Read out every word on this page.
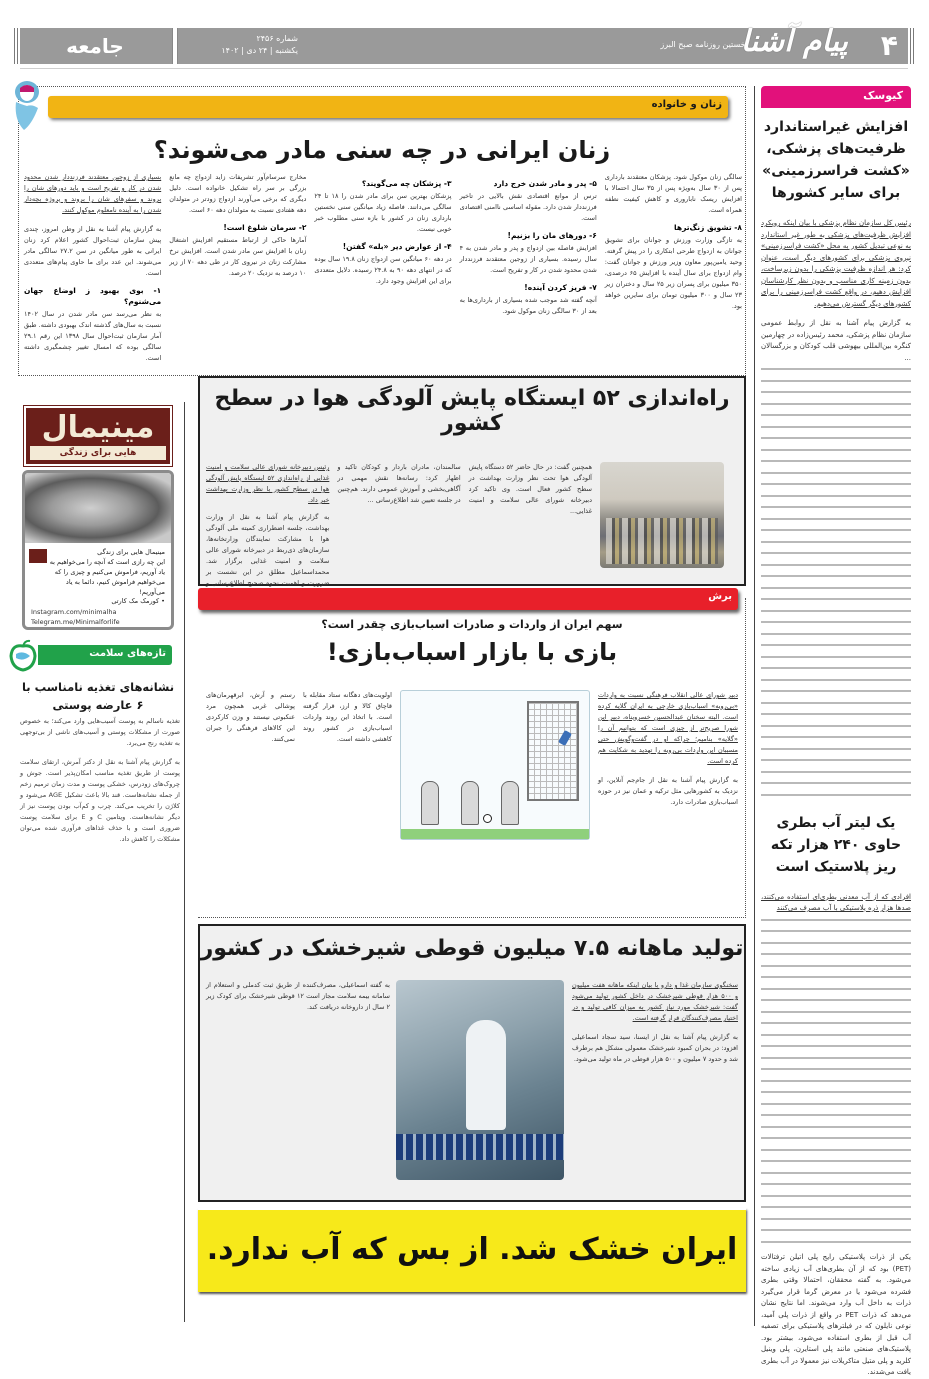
جامعه	شماره ۲۴۵۶
یکشنبه | ۲۴ دی | ۱۴۰۲
نخستین روزنامه صبح البرز
پیام آشنا ۴
کیوسک
افزایش غیراستاندارد ظرفیت‌های پزشکی، «کشت فراسرزمینی» برای سایر کشورها
رئیس کل سازمان نظام پزشکی با بیان اینکه رویکرد افزایش ظرفیت‌های پزشکی به طور غیر استاندارد به نوعی تبدیل کشور به محل «کشت فراسرزمینی» نیروی پزشکی برای کشورهای دیگر است، عنوان کرد: هر اندازه ظرفیت پزشکی را بدون زیرساخت، بدون زمینه کاری مناسب و بدون نظر کارشناسان افزایش دهیم، در واقع کشت فراسرزمینی را برای کشورهای دیگر گسترش می‌دهیم.
به گزارش پیام آشنا به نقل از روابط عمومی سازمان نظام پزشکی، محمد رئیس‌زاده در چهارمین کنگره بین‌المللی بیهوشی قلب کودکان و بزرگسالان ...
یک لیتر آب بطری حاوی ۲۴۰ هزار تکه ریز پلاستیک است
افرادی که از آب معدنی بطری‌ای استفاده می‌کنند، صدها هزار ذره پلاستیکی با آب مصرف می‌کنند
یکی از ذرات پلاستیکی رایج پلی اتیلن ترفتالات (PET) بود که از آن بطری‌های آب زیادی ساخته می‌شود. به گفته محققان، احتمالا وقتی بطری فشرده می‌شود یا در معرض گرما قرار می‌گیرد ذرات به داخل آب وارد می‌شوند. اما نتایج نشان می‌دهد که ذرات PET در واقع از ذرات پلی آمید، نوعی نایلون که در فیلترهای پلاستیکی برای تصفیه آب قبل از بطری استفاده می‌شود، بیشتر بود. پلاستیک‌های صنعتی مانند پلی استایرن، پلی وینیل کلرید و پلی متیل متاکریلات نیز معمولا در آب بطری یافت می‌شدند.
زنان و خانواده
زنان ایرانی در چه سنی مادر می‌شوند؟
سالگی زنان موکول شود. پزشکان معتقدند بارداری پس از ۳۰ سال به‌ویژه پس از ۳۵ سال احتمالا با افزایش ریسک ناباروری و کاهش کیفیت نطفه همراه است.
۸- تشویق زنگ‌ترها
به تازگی وزارت ورزش و جوانان برای تشویق جوانان به ازدواج طرحی ابتکاری را در پیش گرفته. وحید یامین‌پور معاون وزیر ورزش و جوانان گفت: وام ازدواج برای سال آینده با افزایش ۶۵ درصدی، ۳۵۰ میلیون برای پسران زیر ۲۵ سال و دختران زیر ۲۳ سال و ۳۰۰ میلیون تومان برای سایرین خواهد بود.
۵- پدر و مادر شدن خرج دارد
ترس از موانع اقتصادی نقش بالایی در تاخیر فرزنددار شدن دارد. مقوله اساسی ناامنی اقتصادی است.
۶- دورهای مان را بزنیم!
افزایش فاصله بین ازدواج و پدر و مادر شدن به ۴ سال رسیده. بسیاری از زوجین معتقدند فرزنددار شدن محدود شدن در کار و تفریح است.
۷- فریز کردن آینده!
آنچه گفته شد موجب شده بسیاری از بارداری‌ها به بعد از ۳۰ سالگی زنان موکول شود.
۳- پزشکان چه می‌گویند؟
پزشکان بهترین سن برای مادر شدن را ۱۸ تا ۲۴ سالگی می‌دانند. فاصله زیاد میانگین سنی نخستین بارداری زنان در کشور با بازه سنی مطلوب خبر خوبی نیست.
۴- از عوارض دیر «بله» گفتن!
در دهه ۶۰ میانگین سن ازدواج زنان ۱۹.۸ سال بوده که در انتهای دهه ۹۰ به ۲۴.۸ رسیده. دلایل متعددی برای این افزایش وجود دارد.
مخارج سرسام‌آور تشریفات زاید ازدواج چه مانع بزرگی بر سر راه تشکیل خانواده است. دلیل دیگری که برخی می‌آورند ازدواج زودتر در متولدان دهه هفتادی نسبت به متولدان دهه ۶۰ است.
۲- سرمان شلوغ است!
آمارها حاکی از ارتباط مستقیم افزایش اشتغال زنان با افزایش سن مادر شدن است. افزایش نرخ مشارکت زنان در نیروی کار در طی دهه ۷۰ از زیر ۱۰ درصد به نزدیک ۲۰ درصد.
بسیاری از زوجین معتقدند فرزنددار شدن محدود شدن در کار و تفریح است و باید دورهای شان را بروند و سفرهای شان را بروند و پروژه بچه‌دار شدن را به آینده نامعلوم موکول کنند.
به گزارش پیام آشنا به نقل از وطن امروز، چندی پیش سازمان ثبت‌احوال کشور اعلام کرد زنان ایرانی به طور میانگین در سن ۲۷.۲ سالگی مادر می‌شوند. این عدد برای ما حاوی پیام‌های متعددی است.
۱- بوی بهبود ز اوضاع جهان می‌شنوم؟
به نظر می‌رسد سن مادر شدن در سال ۱۴۰۲ نسبت به سال‌های گذشته اندک بهبودی داشته. طبق آمار سازمان ثبت‌احوال سال ۱۳۹۸ این رقم ۲۹.۱ سالگی بوده که امسال تغییر چشمگیری داشته است.
راه‌اندازی ۵۲ ایستگاه پایش آلودگی هوا در سطح کشور
همچنین گفت: در حال حاضر ۵۲ دستگاه پایش آلودگی هوا تحت نظر وزارت بهداشت در سطح کشور فعال است. وی تاکید کرد دبیرخانه شورای عالی سلامت و امنیت غذایی...
سالمندان، مادران باردار و کودکان تاکید و اظهار کرد: رسانه‌ها نقش مهمی در آگاهی‌بخشی و آموزش عمومی دارند. هم‌چنین در جلسه تعیین شد اطلاع‌رسانی ...
رئیس دبیرخانه شورای عالی سلامت و امنیت غذایی از راه‌اندازی ۵۲ ایستگاه پایش آلودگی هوا در سطح کشور با نظر وزارت بهداشت خبر داد.
به گزارش پیام آشنا به نقل از وزارت بهداشت، جلسه اضطراری کمیته ملی آلودگی هوا با مشارکت نمایندگان وزارتخانه‌ها، سازمان‌های ذی‌ربط در دبیرخانه شورای عالی سلامت و امنیت غذایی برگزار شد. محمداسماعیل مطلق در این نشست بر ضرورت و اهمیت نحوه صحیح اطلاع‌رسانی و
برش
سهم ایران از واردات و صادرات اسباب‌بازی چقدر است؟
بازی با بازار اسباب‌بازی!
اولویت‌های دهگانه ستاد مقابله با قاچاق کالا و ارز، قرار گرفته است. با اتخاذ این روند واردات اسباب‌بازی در کشور روند کاهشی داشته است.
رستم و آرش، ابرقهرمان‌های پوشالی غربی همچون مرد عنکبوتی نیستند و وزن کارکردی این کالاهای فرهنگی را جبران نمی‌کنند.
دبیر شورای عالی انقلاب فرهنگی نسبت به واردات «بی‌رویه» اسباب‌بازی خارجی به ایران گلایه کرده است. البته سخنان عبدالحسین خسروپناه، دبیر این شورا صریح‌تر از چیزی است که بتوانیم آن را «گلایه» بنامیم؛ چراکه او در گفت‌وگویش حتی مسببان این واردات بی‌رویه را تهدید به شکایت هم کرده است.
به گزارش پیام آشنا به نقل از جام‌جم آنلاین، او نزدیک به کشورهایی مثل ترکیه و عمان نیز در حوزه اسباب‌بازی صادرات دارد.
تولید ماهانه ۷.۵ میلیون قوطی شیرخشک در کشور
به گفته اسماعیلی، مصرف‌کننده از طریق ثبت کدملی و استعلام از سامانه بیمه سلامت مجاز است ۱۲ قوطی شیرخشک برای کودک زیر ۲ سال از داروخانه دریافت کند.
سخنگوی سازمان غذا و دارو با بیان اینکه ماهانه هفت میلیون و ۵۰۰ هزار قوطی شیرخشک در داخل کشور تولید می‌شود گفت: شیرخشک مورد نیاز کشور به میزان کافی تولید و در اختیار مصرف‌کنندگان قرار گرفته است.
به گزارش پیام آشنا به نقل از ایسنا، سید سجاد اسماعیلی افزود: در بحران کمبود شیرخشک معمولی مشکل هم برطرف شد و حدود ۷ میلیون و ۵۰۰ هزار قوطی در ماه تولید می‌شود.
ایران خشک شد. از بس که آب ندارد.
مینیمال
هایی برای زندگی
مینیمال هایی برای زندگی
این چه رازی است که آنچه را می‌خواهیم به یاد آوریم، فراموش می‌کنیم و چیزی را که می‌خواهیم فراموش کنیم، دائما به یاد می‌آوریم!
• کورمک مک کارتی
Instagram.com/minimalha
Telegram.me/Minimalforlife
تازه‌های سلامت
نشانه‌های تغذیه نامناسب با ۶ عارضه پوستی
تغذیه ناسالم به پوست آسیب‌هایی وارد می‌کند؛ به خصوص صورت از مشکلات پوستی و آسیب‌های ناشی از بی‌توجهی به تغذیه رنج می‌برد.
به گزارش پیام آشنا به نقل از دکتر آمرش، ارتقای سلامت پوست از طریق تغذیه مناسب امکان‌پذیر است. جوش و چروک‌های زودرس، خشکی پوست و مدت زمان ترمیم زخم از جمله نشانه‌هاست. قند بالا باعث تشکیل AGE می‌شود و کلاژن را تخریب می‌کند. چرب و کم‌آب بودن پوست نیز از دیگر نشانه‌هاست. ویتامین C و E برای سلامت پوست ضروری است و با حذف غذاهای فرآوری شده می‌توان مشکلات را کاهش داد.
